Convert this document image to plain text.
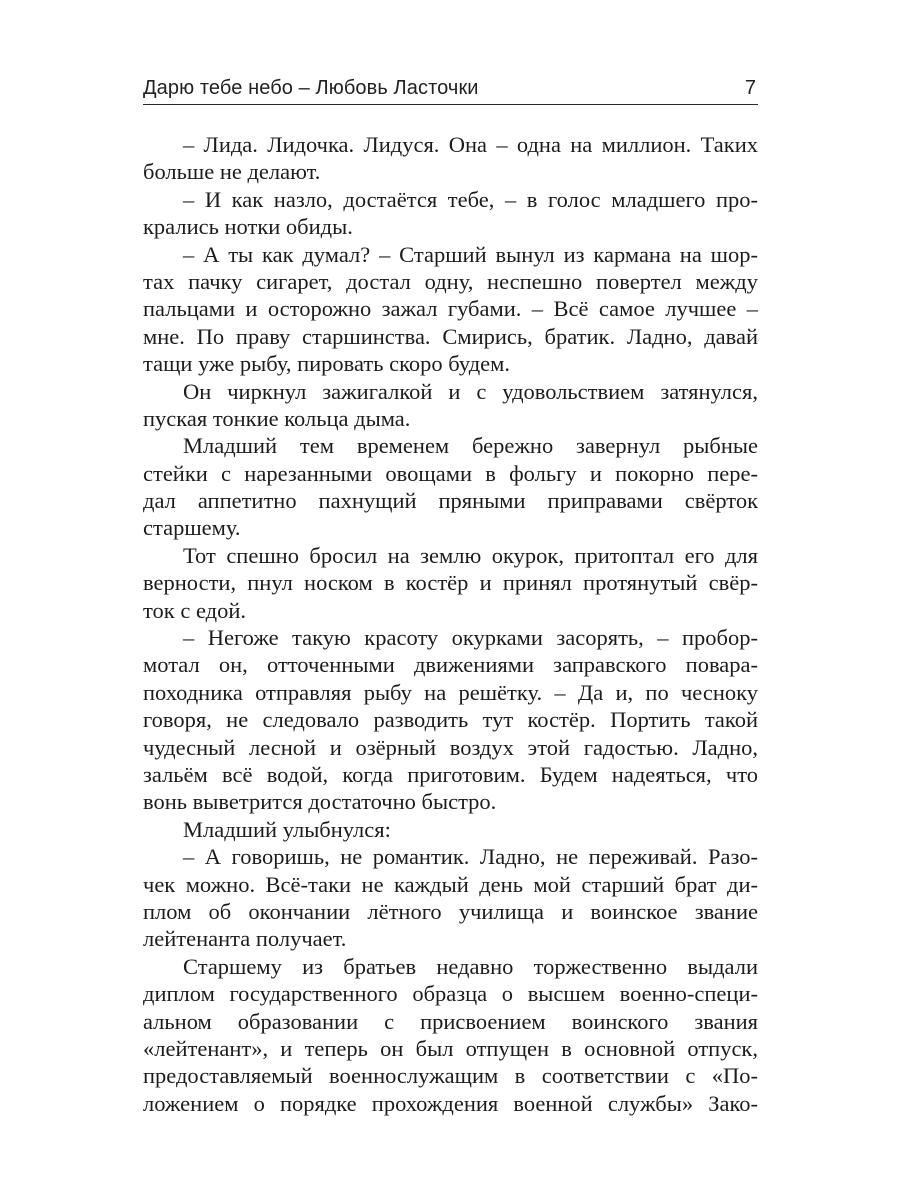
Дарю тебе небо – Любовь Ласточки	7
– Лида. Лидочка. Лидуся. Она – одна на миллион. Таких
больше не делают.
– И как назло, достаётся тебе, – в голос младшего про-
крались нотки обиды.
– А ты как думал? – Старший вынул из кармана на шор-
тах пачку сигарет, достал одну, неспешно повертел между
пальцами и осторожно зажал губами. – Всё самое лучшее –
мне. По праву старшинства. Смирись, братик. Ладно, давай
тащи уже рыбу, пировать скоро будем.
Он чиркнул зажигалкой и с удовольствием затянулся,
пуская тонкие кольца дыма.
Младший тем временем бережно завернул рыбные
стейки с нарезанными овощами в фольгу и покорно пере-
дал аппетитно пахнущий пряными приправами свёрток
старшему.
Тот спешно бросил на землю окурок, притоптал его для
верности, пнул носком в костёр и принял протянутый свёр-
ток с едой.
– Негоже такую красоту окурками засорять, – пробор-
мотал он, отточенными движениями заправского повара-
походника отправляя рыбу на решётку. – Да и, по чесноку
говоря, не следовало разводить тут костёр. Портить такой
чудесный лесной и озёрный воздух этой гадостью. Ладно,
зальём всё водой, когда приготовим. Будем надеяться, что
вонь выветрится достаточно быстро.
Младший улыбнулся:
– А говоришь, не романтик. Ладно, не переживай. Разо-
чек можно. Всё-таки не каждый день мой старший брат ди-
плом об окончании лётного училища и воинское звание
лейтенанта получает.
Старшему из братьев недавно торжественно выдали
диплом государственного образца о высшем военно-специ-
альном образовании с присвоением воинского звания
«лейтенант», и теперь он был отпущен в основной отпуск,
предоставляемый военнослужащим в соответствии с «По-
ложением о порядке прохождения военной службы» Зако-
